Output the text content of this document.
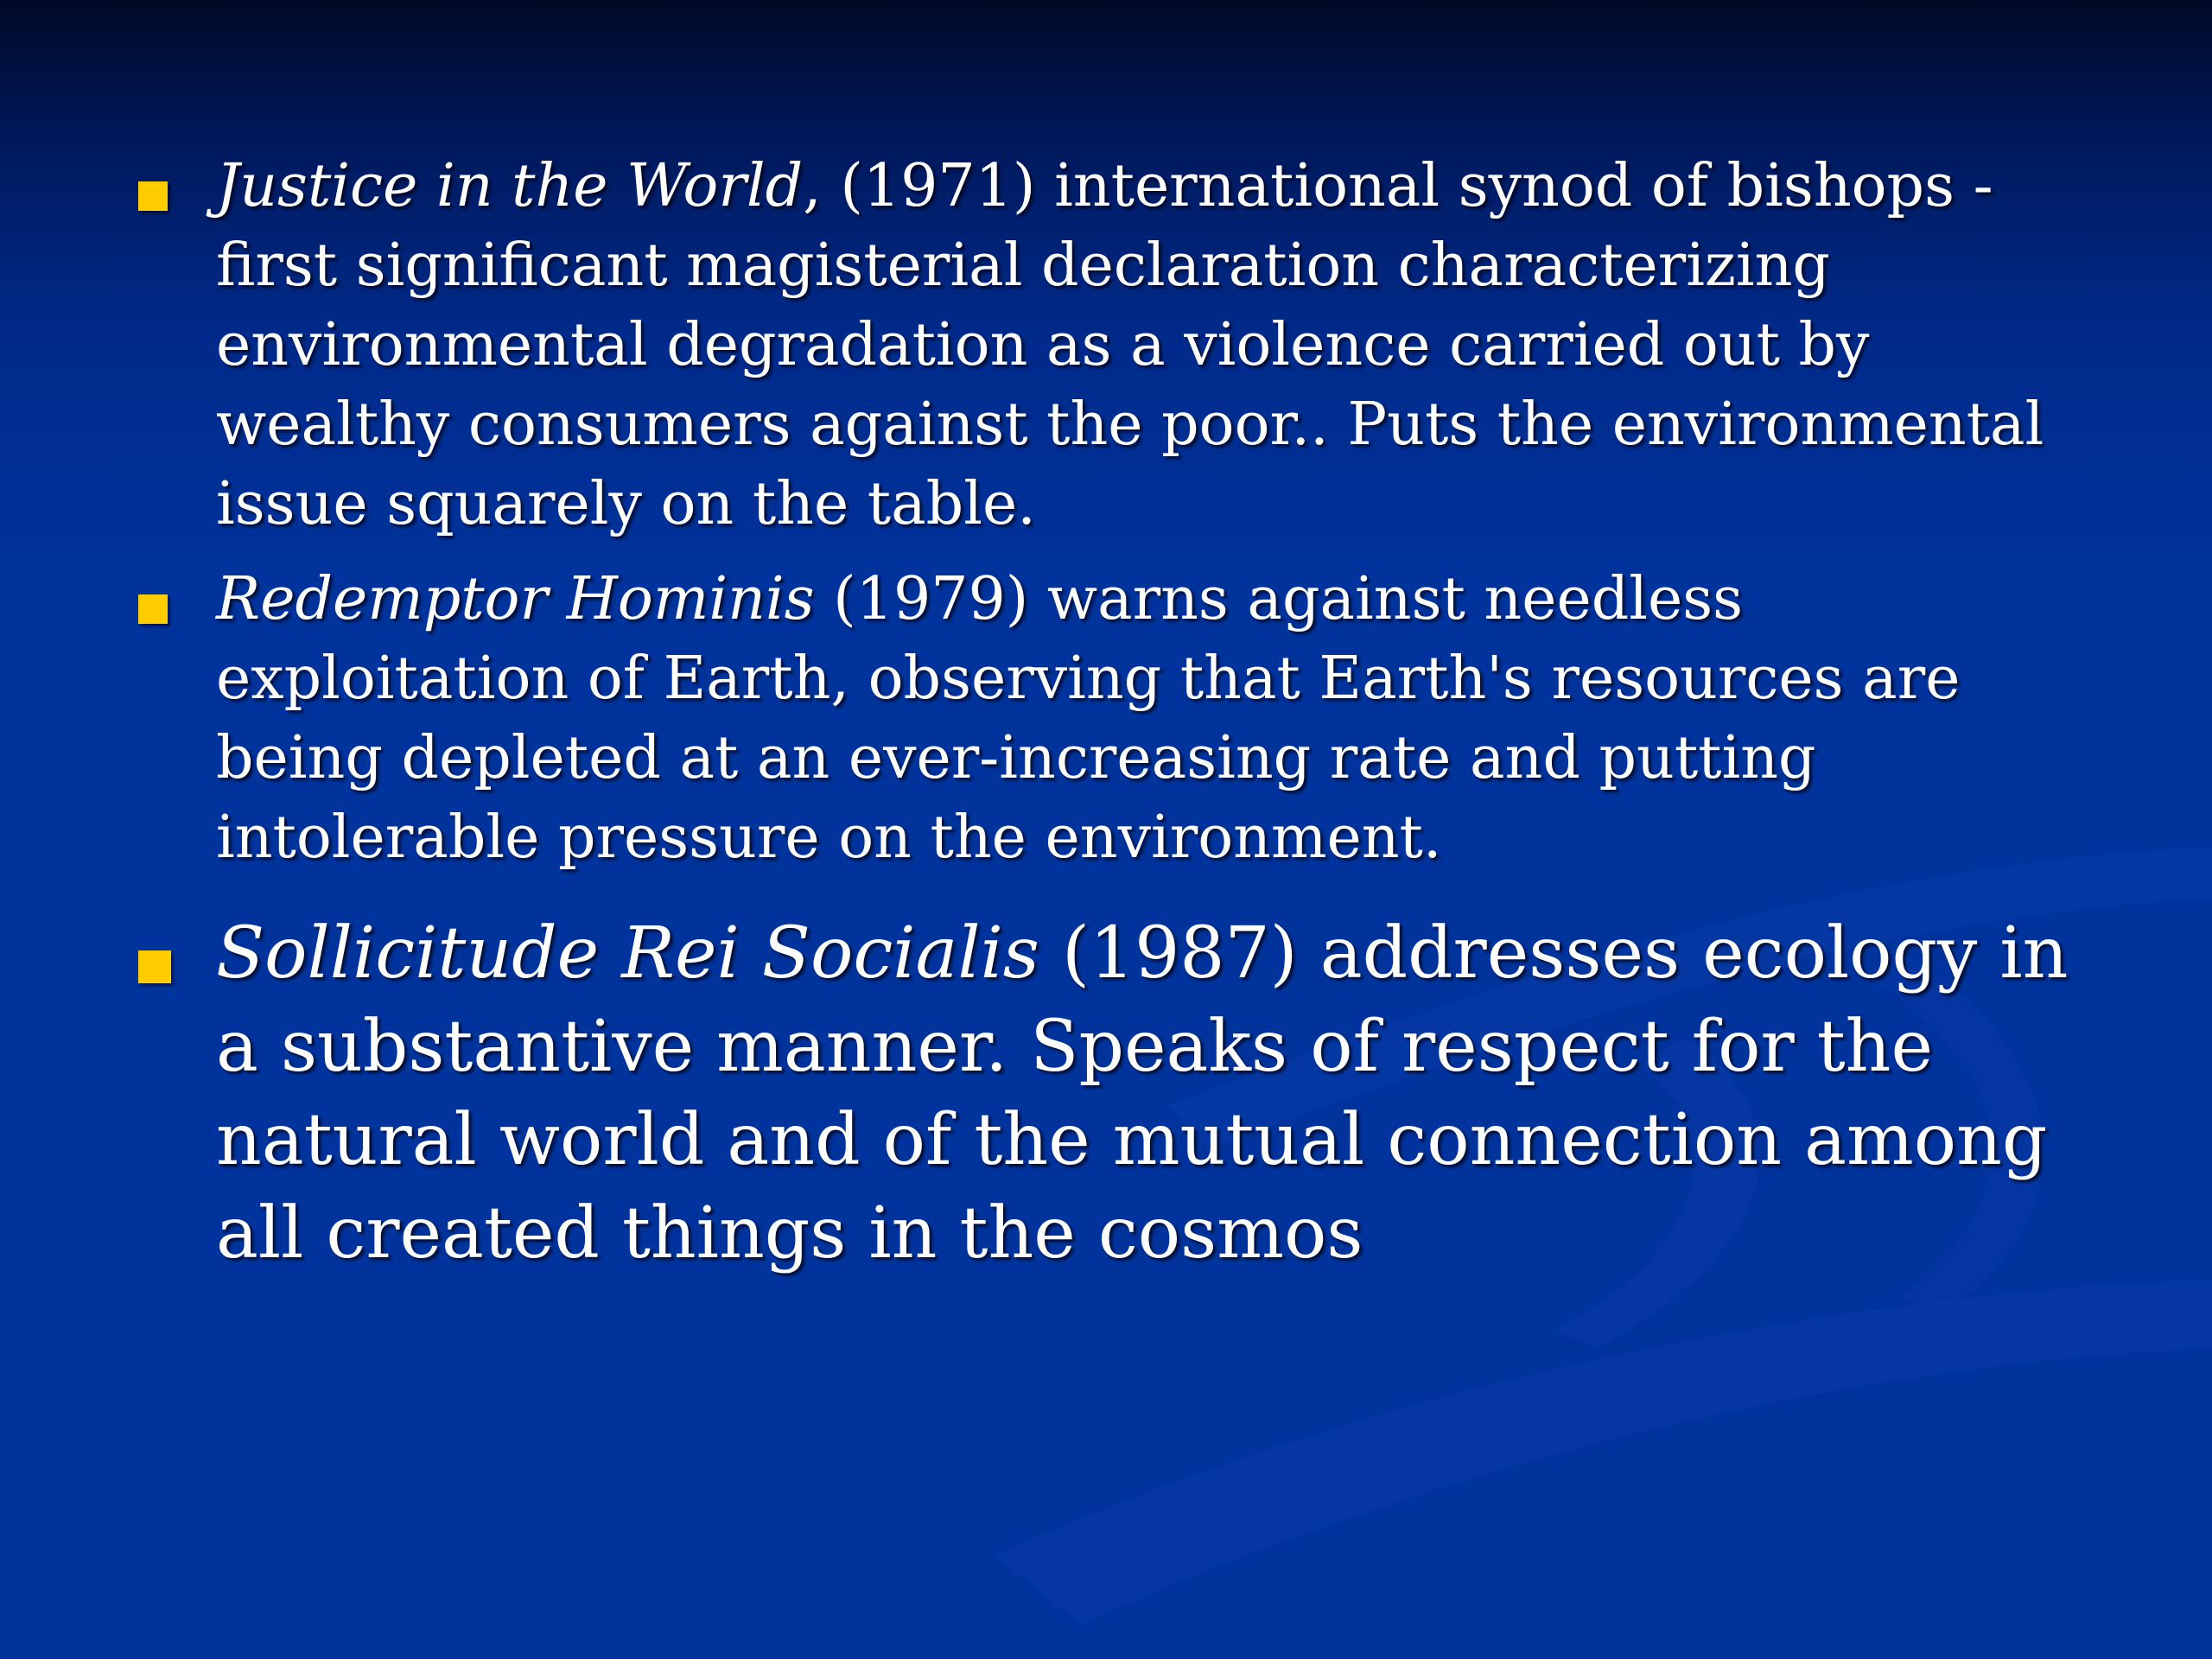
Justice in the World, (1971) international synod of bishops - first significant magisterial declaration characterizing environmental degradation as a violence carried out by wealthy consumers against the poor.. Puts the environmental issue squarely on the table.
Redemptor Hominis (1979) warns against needless exploitation of Earth, observing that Earth's resources are being depleted at an ever-increasing rate and putting intolerable pressure on the environment.
Sollicitude Rei Socialis (1987) addresses ecology in a substantive manner. Speaks of respect for the natural world and of the mutual connection among all created things in the cosmos
